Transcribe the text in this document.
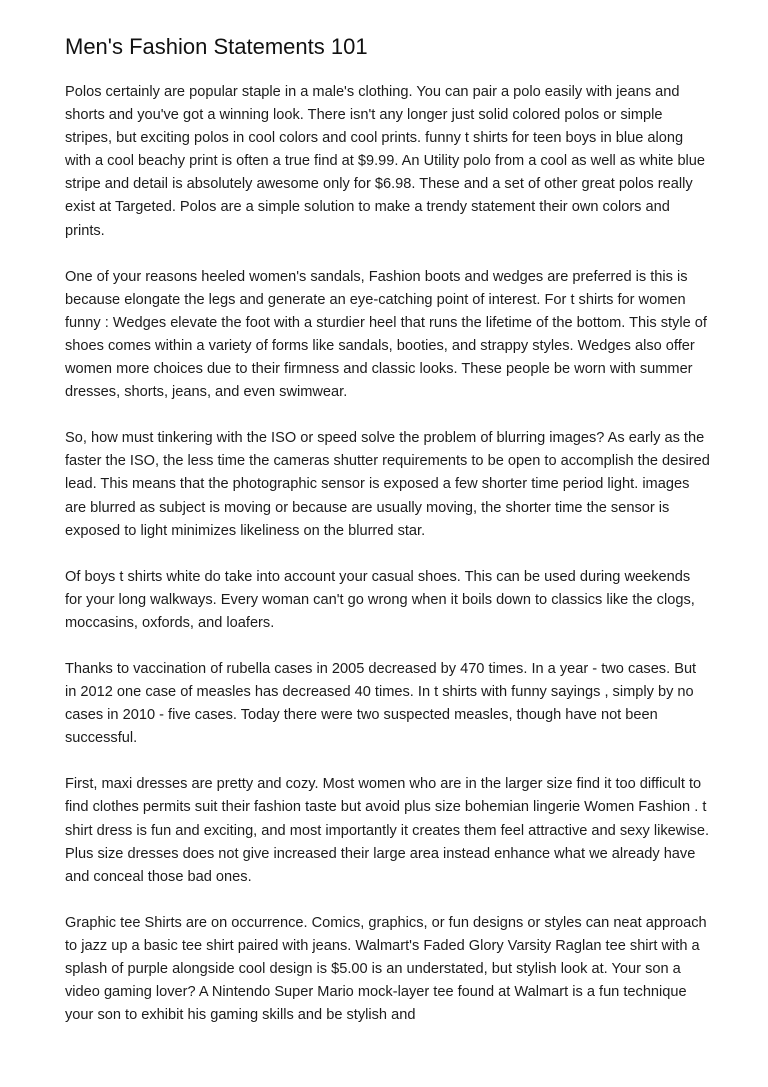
Men's Fashion Statements 101

Polos certainly are popular staple in a male's clothing. You can pair a polo easily with jeans and shorts and you've got a winning look. There isn't any longer just solid colored polos or simple stripes, but exciting polos in cool colors and cool prints. funny t shirts for teen boys in blue along with a cool beachy print is often a true find at $9.99. An Utility polo from a cool as well as white blue stripe and detail is absolutely awesome only for $6.98. These and a set of other great polos really exist at Targeted. Polos are a simple solution to make a trendy statement their own colors and prints.

One of your reasons heeled women's sandals, Fashion boots and wedges are preferred is this is because elongate the legs and generate an eye-catching point of interest. For t shirts for women funny : Wedges elevate the foot with a sturdier heel that runs the lifetime of the bottom. This style of shoes comes within a variety of forms like sandals, booties, and strappy styles. Wedges also offer women more choices due to their firmness and classic looks. These people be worn with summer dresses, shorts, jeans, and even swimwear.

So, how must tinkering with the ISO or speed solve the problem of blurring images? As early as the faster the ISO, the less time the cameras shutter requirements to be open to accomplish the desired lead. This means that the photographic sensor is exposed a few shorter time period light. images are blurred as subject is moving or because are usually moving, the shorter time the sensor is exposed to light minimizes likeliness on the blurred star.

Of boys t shirts white do take into account your casual shoes. This can be used during weekends for your long walkways. Every woman can't go wrong when it boils down to classics like the clogs, moccasins, oxfords, and loafers.

Thanks to vaccination of rubella cases in 2005 decreased by 470 times. In a year - two cases. But in 2012 one case of measles has decreased 40 times. In t shirts with funny sayings , simply by no cases in 2010 - five cases. Today there were two suspected measles, though have not been successful.

First, maxi dresses are pretty and cozy. Most women who are in the larger size find it too difficult to find clothes permits suit their fashion taste but avoid plus size bohemian lingerie Women Fashion . t shirt dress is fun and exciting, and most importantly it creates them feel attractive and sexy likewise. Plus size dresses does not give increased their large area instead enhance what we already have and conceal those bad ones.

Graphic tee Shirts are on occurrence. Comics, graphics, or fun designs or styles can neat approach to jazz up a basic tee shirt paired with jeans. Walmart's Faded Glory Varsity Raglan tee shirt with a splash of purple alongside cool design is $5.00 is an understated, but stylish look at. Your son a video gaming lover? A Nintendo Super Mario mock-layer tee found at Walmart is a fun technique your son to exhibit his gaming skills and be stylish and
